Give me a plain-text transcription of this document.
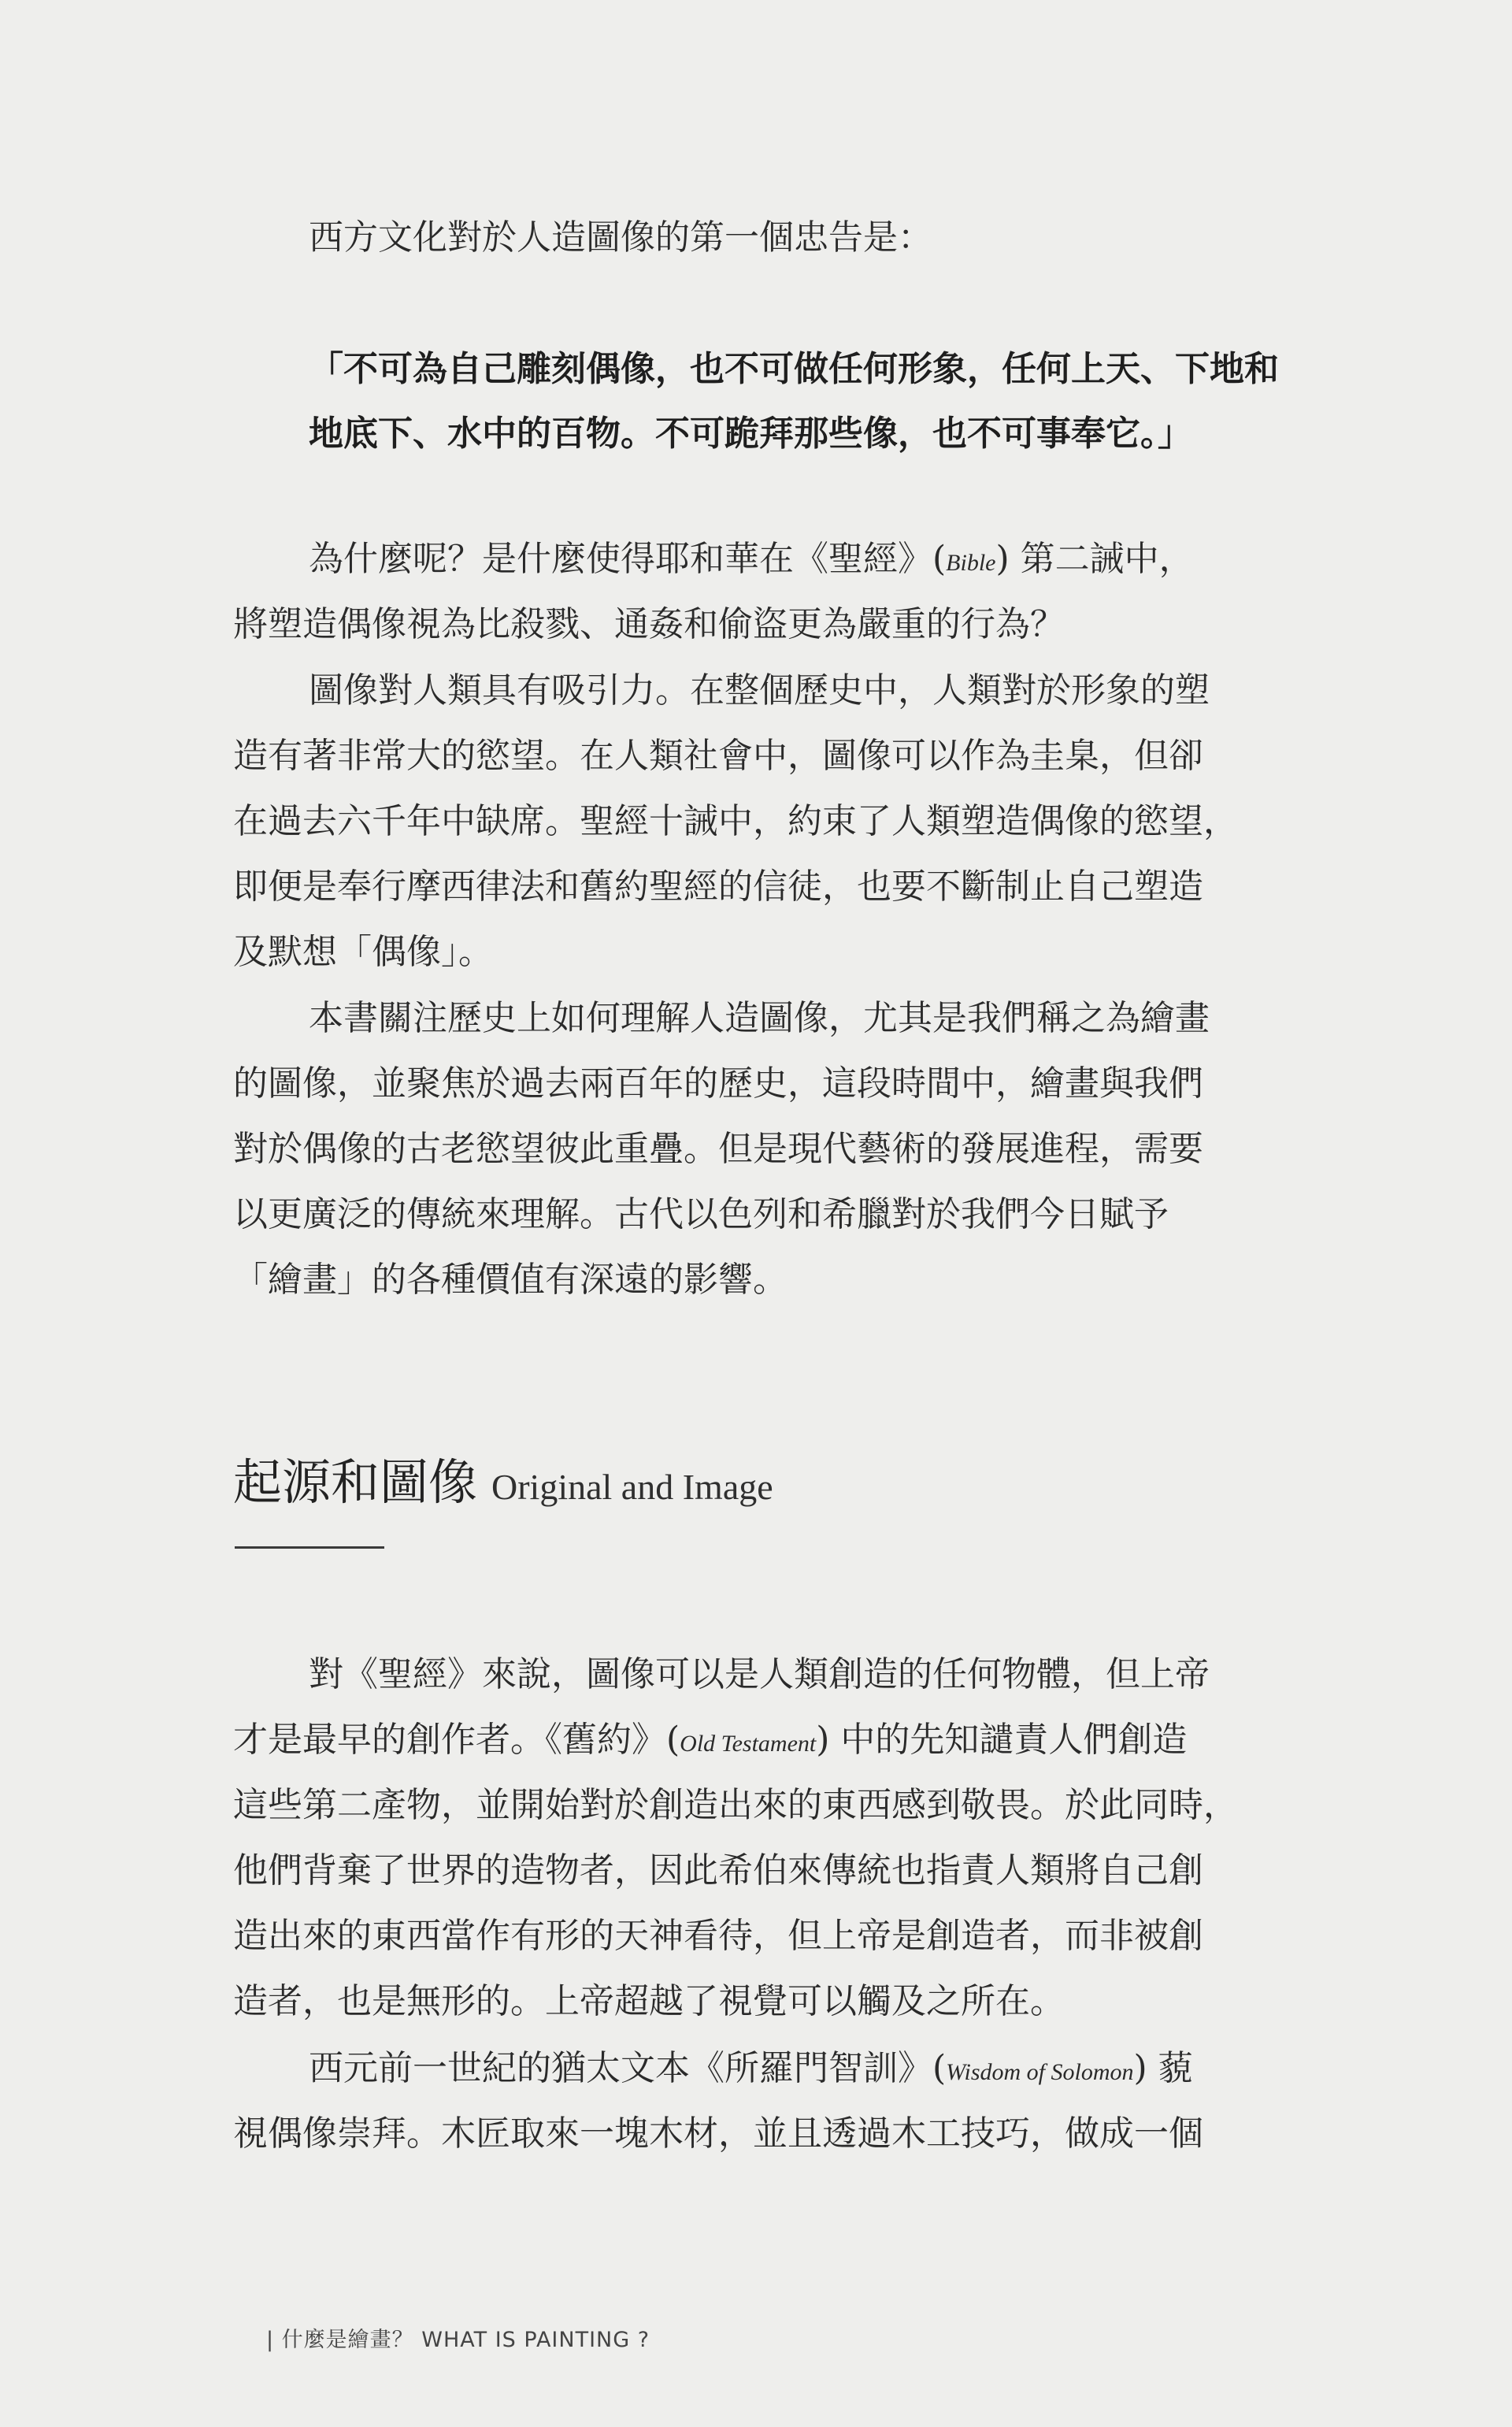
西方文化對於人造圖像的第一個忠告是：
「不可為自己雕刻偶像，也不可做任何形象，任何上天、下地和
地底下、水中的百物。不可跪拜那些像，也不可事奉它。」
為什麼呢？是什麼使得耶和華在《聖經》(Bible) 第二誡中，
將塑造偶像視為比殺戮、通姦和偷盜更為嚴重的行為？
圖像對人類具有吸引力。在整個歷史中，人類對於形象的塑
造有著非常大的慾望。在人類社會中，圖像可以作為圭臬，但卻
在過去六千年中缺席。聖經十誡中，約束了人類塑造偶像的慾望，
即便是奉行摩西律法和舊約聖經的信徒，也要不斷制止自己塑造
及默想「偶像」。
本書關注歷史上如何理解人造圖像，尤其是我們稱之為繪畫
的圖像，並聚焦於過去兩百年的歷史，這段時間中，繪畫與我們
對於偶像的古老慾望彼此重疊。但是現代藝術的發展進程，需要
以更廣泛的傳統來理解。古代以色列和希臘對於我們今日賦予
「繪畫」的各種價值有深遠的影響。
起源和圖像 Original and Image
對《聖經》來說，圖像可以是人類創造的任何物體，但上帝
才是最早的創作者。《舊約》(Old Testament) 中的先知譴責人們創造
這些第二產物，並開始對於創造出來的東西感到敬畏。於此同時，
他們背棄了世界的造物者，因此希伯來傳統也指責人類將自己創
造出來的東西當作有形的天神看待，但上帝是創造者，而非被創
造者，也是無形的。上帝超越了視覺可以觸及之所在。
西元前一世紀的猶太文本《所羅門智訓》(Wisdom of Solomon) 藐
視偶像崇拜。木匠取來一塊木材，並且透過木工技巧，做成一個
| 什麼是繪畫？ WHAT IS PAINTING ?
